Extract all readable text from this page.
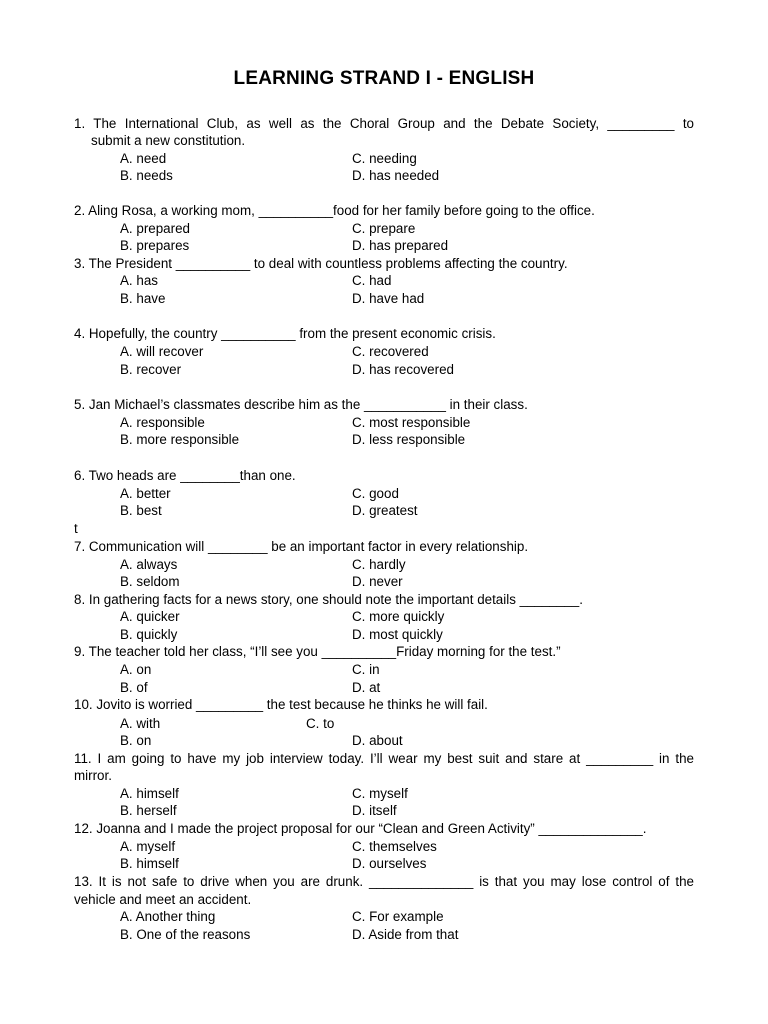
LEARNING STRAND I - ENGLISH
1. The International Club, as well as the Choral Group and the Debate Society, _________ to
submit a new constitution.
A. need	C. needing
B. needs	D. has needed
2. Aling Rosa, a working mom, __________food for her family before going to the office.
A. prepared	C. prepare
B. prepares	D. has prepared
3. The President __________ to deal with countless problems affecting the country.
A. has	C. had
B. have	D. have had
4. Hopefully, the country __________ from the present economic crisis.
A. will recover	C. recovered
B. recover	D. has recovered
5. Jan Michael’s classmates describe him as the ___________ in their class.
A. responsible	C. most responsible
B. more responsible	D. less responsible
6. Two heads are ________than one.
A. better	C. good
B. best	D. greatest
t
7. Communication will ________ be an important factor in every relationship.
A. always	C. hardly
B. seldom	D. never
8. In gathering facts for a news story, one should note the important details ________.
A. quicker	C. more quickly
B. quickly	D. most quickly
9. The teacher told her class, “I’ll see you __________Friday morning for the test.”
A. on	C. in
B. of	D. at
10. Jovito is worried _________ the test because he thinks he will fail.
A. with	C. to
B. on	D. about
11. I am going to have my job interview today. I’ll wear my best suit and stare at _________ in the
mirror.
A. himself	C. myself
B. herself	D. itself
12. Joanna and I made the project proposal for our “Clean and Green Activity” ______________.
A. myself	C. themselves
B. himself	D. ourselves
13. It is not safe to drive when you are drunk. ______________ is that you may lose control of the
vehicle and meet an accident.
A. Another thing	C. For example
B. One of the reasons	D. Aside from that
